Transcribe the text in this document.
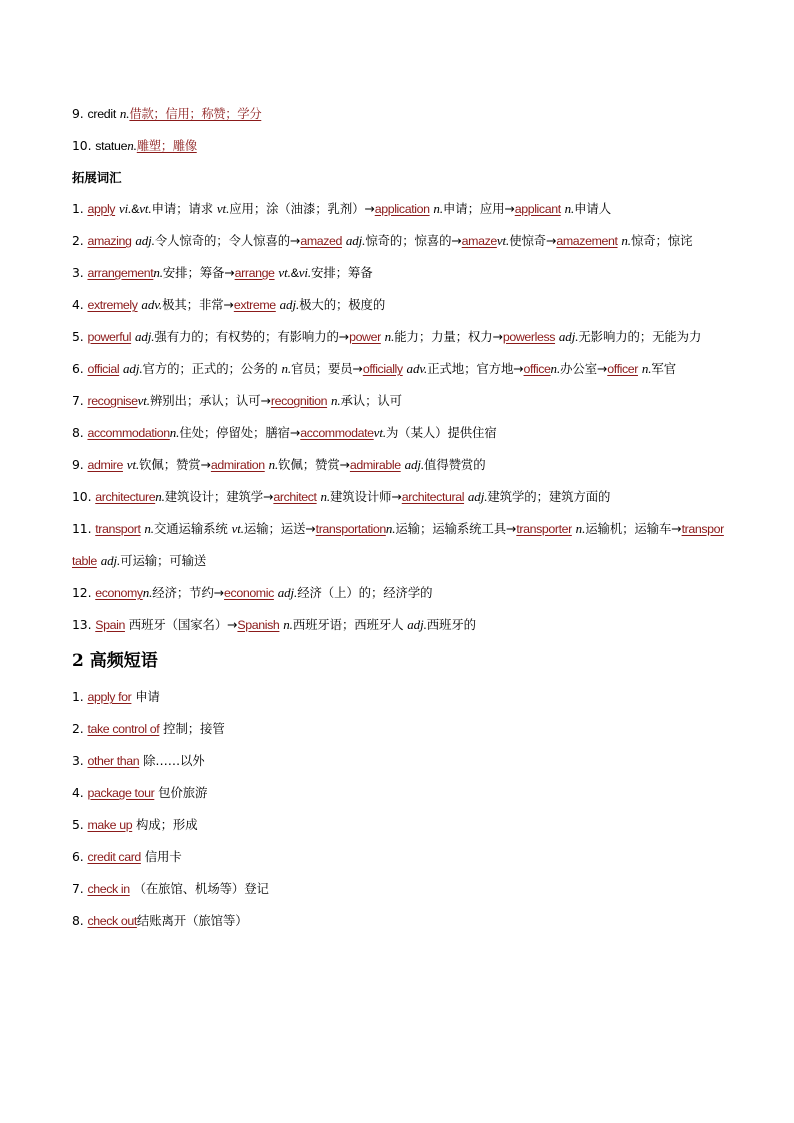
9. credit n.借款；信用；称赞；学分
10. statuen.雕塑；雕像
拓展词汇
1. apply vi.&vt.申请；请求 vt.应用；涂（油漆；乳剂）→application n.申请；应用→applicant n.申请人
2. amazing adj.令人惊奇的；令人惊喜的→amazed adj.惊奇的；惊喜的→amazevt.使惊奇→amazement n.惊奇；惊诧
3. arrangementn.安排；筹备→arrange vt.&vi.安排；筹备
4. extremely adv.极其；非常→extreme adj.极大的；极度的
5. powerful adj.强有力的；有权势的；有影响力的→power n.能力；力量；权力→powerless adj.无影响力的；无能为力
6. official adj.官方的；正式的；公务的 n.官员；要员→officially adv.正式地；官方地→officen.办公室→officer n.军官
7. recognisevt.辨别出；承认；认可→recognition n.承认；认可
8. accommodationn.住处；停留处；膳宿→accommodatevt.为（某人）提供住宿
9. admire vt.钦佩；赞赏→admiration n.钦佩；赞赏→admirable adj.值得赞赏的
10. architecturen.建筑设计；建筑学→architect n.建筑设计师→architectural adj.建筑学的；建筑方面的
11. transport n.交通运输系统 vt.运输；运送→transportationn.运输；运输系统工具→transporter n.运输机；运输车→transportable adj.可运输；可输送
12. economyn.经济；节约→economic adj.经济（上）的；经济学的
13. Spain 西班牙（国家名）→Spanish n.西班牙语；西班牙人 adj.西班牙的
2 高频短语
1. apply for 申请
2. take control of 控制；接管
3. other than 除……以外
4. package tour 包价旅游
5. make up 构成；形成
6. credit card 信用卡
7. check in （在旅馆、机场等）登记
8. check out结账离开（旅馆等）
